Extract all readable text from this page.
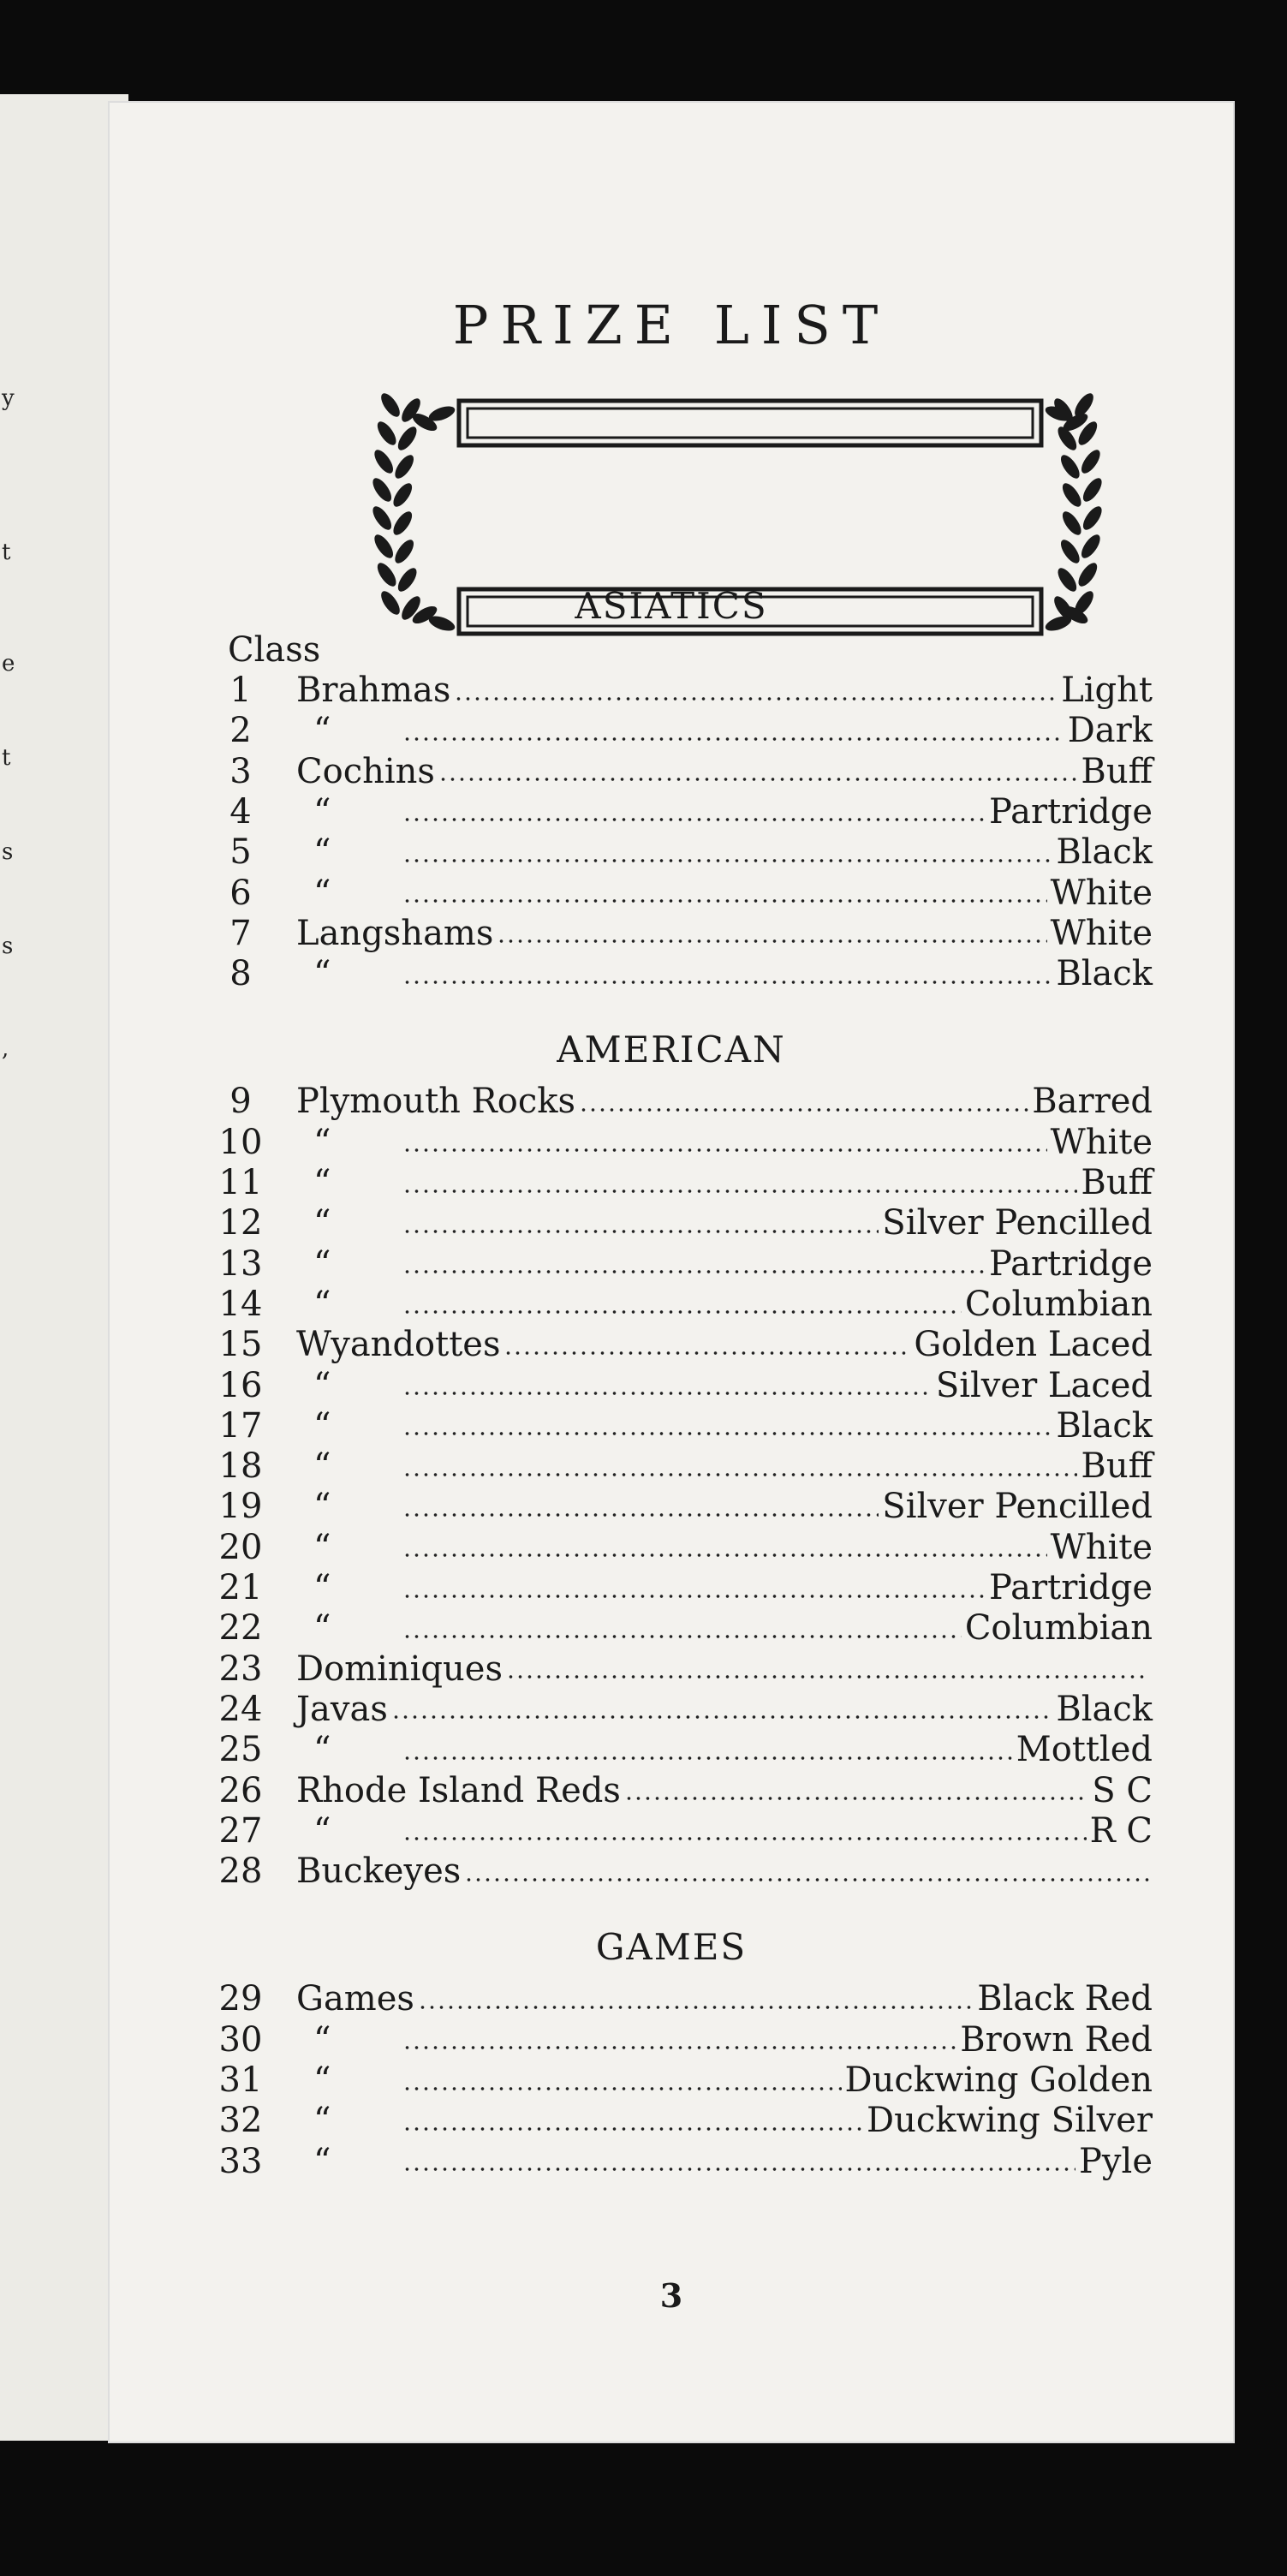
y
t
e
t
s
s
,
PRIZE LIST
Class
3
ASIATICS
1	Brahmas	Light
2	“	Dark
3	Cochins	Buff
4	“	Partridge
5	“	Black
6	“	White
7	Langshams	White
8	“	Black
AMERICAN
9	Plymouth Rocks	Barred
10	“	White
11	“	Buff
12	“	Silver Pencilled
13	“	Partridge
14	“	Columbian
15 Wyandottes	Golden Laced
16	“	Silver Laced
17	“	Black
18	“	Buff
19	“	Silver Pencilled
20	“	White
21	“	Partridge
22	“	Columbian
23 Dominiques
24 Javas	Black
25	“	Mottled
26 Rhode Island Reds	S C
27	“	R C
28 Buckeyes
GAMES
29 Games	Black Red
30	“	Brown Red
31	“	Duckwing Golden
32	“	Duckwing Silver
33	“	Pyle
